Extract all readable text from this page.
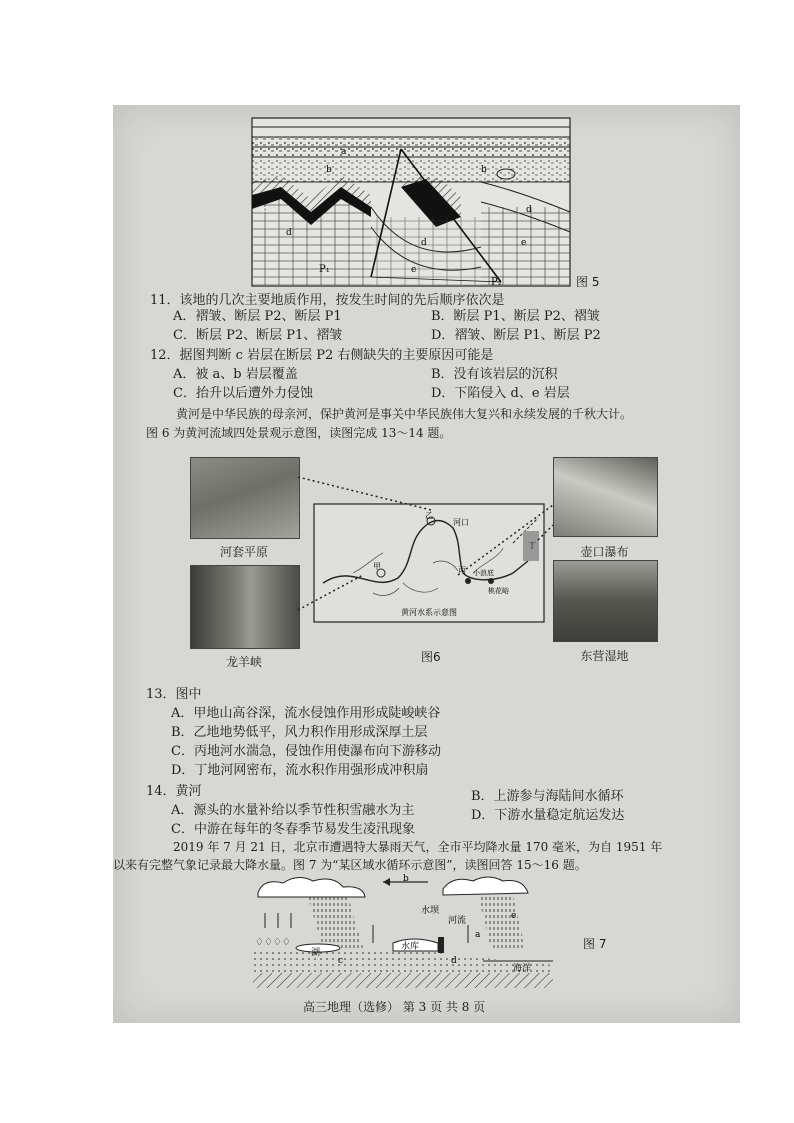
a
b	b
c
d
d
d
e
e
P₁
P₂	图 5
11．该地的几次主要地质作用，按发生时间的先后顺序依次是
A．褶皱、断层 P2、断层 P1	B．断层 P1、断层 P2、褶皱
C．断层 P2、断层 P1、褶皱	D．褶皱、断层 P1、断层 P2
12．据图判断 c 岩层在断层 P2 右侧缺失的主要原因可能是
A．被 a、b 岩层覆盖	B．没有该岩层的沉积
C．抬升以后遭外力侵蚀	D．下陷侵入 d、e 岩层
黄河是中华民族的母亲河，保护黄河是事关中华民族伟大复兴和永续发展的千秋大计。
图 6 为黄河流域四处景观示意图，读图完成 13～14 题。
河套平原
龙羊峡
壶口瀑布
东营湿地
河口
甲
乙
丙
丁
小浪底
桃花峪
黄河水系示意图
图6
13．图中
A．甲地山高谷深，流水侵蚀作用形成陡峻峡谷
B．乙地地势低平，风力积作用形成深厚土层
C．丙地河水湍急，侵蚀作用使瀑布向下游移动
D．丁地河网密布，流水积作用强形成冲积扇
14．黄河
A．源头的水量补给以季节性积雪融水为主
B．上游参与海陆间水循环
C．中游在每年的冬春季节易发生凌汛现象
D．下游水量稳定航运发达
2019 年 7 月 21 日，北京市遭遇特大暴雨天气，全市平均降水量 170 毫米，为自 1951 年
以来有完整气象记录最大降水量。图 7 为“某区域水循环示意图”，读图回答 15～16 题。
♢♢♢♢
b
a
c	d
e
水坝
河流
湖
水库
海洋
图 7
高三地理（选修） 第 3 页 共 8 页
